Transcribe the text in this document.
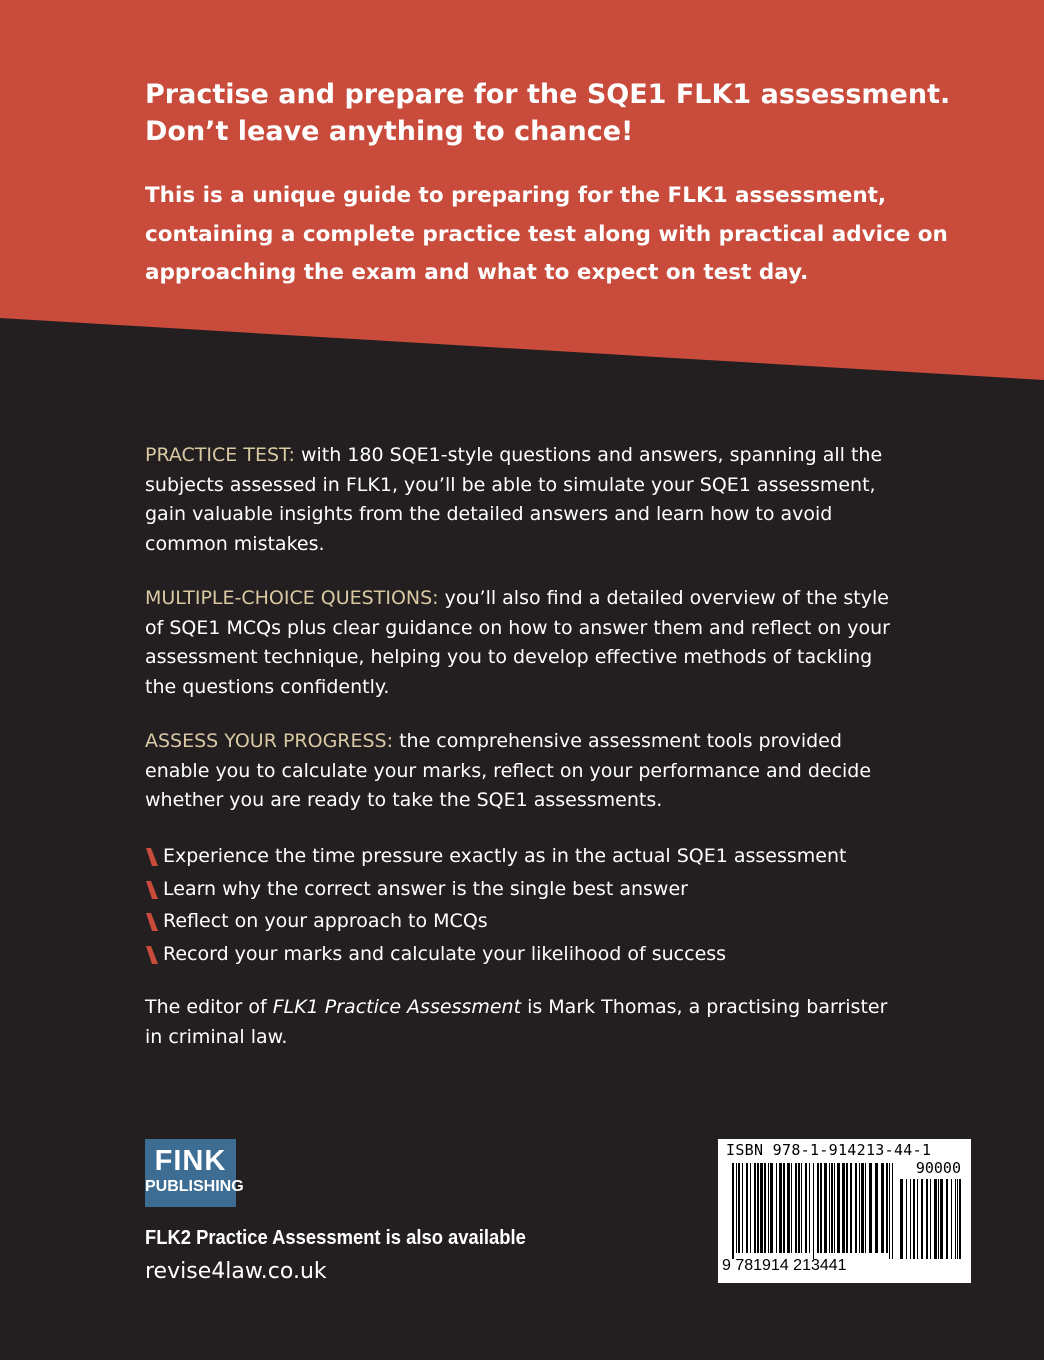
Practise and prepare for the SQE1 FLK1 assessment.
Don’t leave anything to chance!
This is a unique guide to preparing for the FLK1 assessment, containing a complete practice test along with practical advice on approaching the exam and what to expect on test day.
PRACTICE TEST: with 180 SQE1-style questions and answers, spanning all the subjects assessed in FLK1, you’ll be able to simulate your SQE1 assessment, gain valuable insights from the detailed answers and learn how to avoid common mistakes.
MULTIPLE-CHOICE QUESTIONS: you’ll also find a detailed overview of the style of SQE1 MCQs plus clear guidance on how to answer them and reflect on your assessment technique, helping you to develop effective methods of tackling the questions confidently.
ASSESS YOUR PROGRESS: the comprehensive assessment tools provided enable you to calculate your marks, reflect on your performance and decide whether you are ready to take the SQE1 assessments.
Experience the time pressure exactly as in the actual SQE1 assessment
Learn why the correct answer is the single best answer
Reflect on your approach to MCQs
Record your marks and calculate your likelihood of success
The editor of FLK1 Practice Assessment is Mark Thomas, a practising barrister in criminal law.
FINK
PUBLISHING
FLK2 Practice Assessment is also available
revise4law.co.uk
ISBN 978-1-914213-44-1
90000
9 781914 213441
